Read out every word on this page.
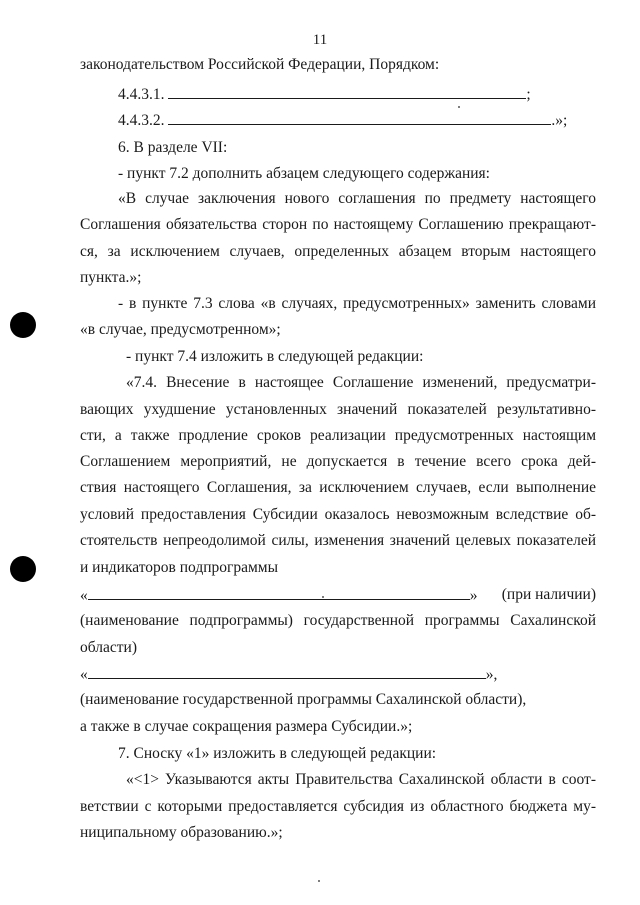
11
законодательством Российской Федерации, Порядком:
4.4.3.1.	;
4.4.3.2.	.»;
6. В разделе VII:
- пункт 7.2 дополнить абзацем следующего содержания:
«В случае заключения нового соглашения по предмету настоящего
Соглашения обязательства сторон по настоящему Соглашению прекращают-
ся, за исключением случаев, определенных абзацем вторым настоящего
пункта.»;
- в пункте 7.3 слова «в случаях, предусмотренных» заменить словами
«в случае, предусмотренном»;
- пункт 7.4 изложить в следующей редакции:
«7.4. Внесение в настоящее Соглашение изменений, предусматри-
вающих ухудшение установленных значений показателей результативно-
сти, а также продление сроков реализации предусмотренных настоящим
Соглашением мероприятий, не допускается в течение всего срока дей-
ствия настоящего Соглашения, за исключением случаев, если выполнение
условий предоставления Субсидии оказалось невозможным вследствие об-
стоятельств непреодолимой силы, изменения значений целевых показателей
и индикаторов подпрограммы
«	» (при наличии)
(наименование подпрограммы) государственной программы Сахалинской
области)
«	»,
(наименование государственной программы Сахалинской области),
а также в случае сокращения размера Субсидии.»;
7. Сноску «1» изложить в следующей редакции:
«<1> Указываются акты Правительства Сахалинской области в соот-
ветствии с которыми предоставляется субсидия из областного бюджета му-
ниципальному образованию.»;
